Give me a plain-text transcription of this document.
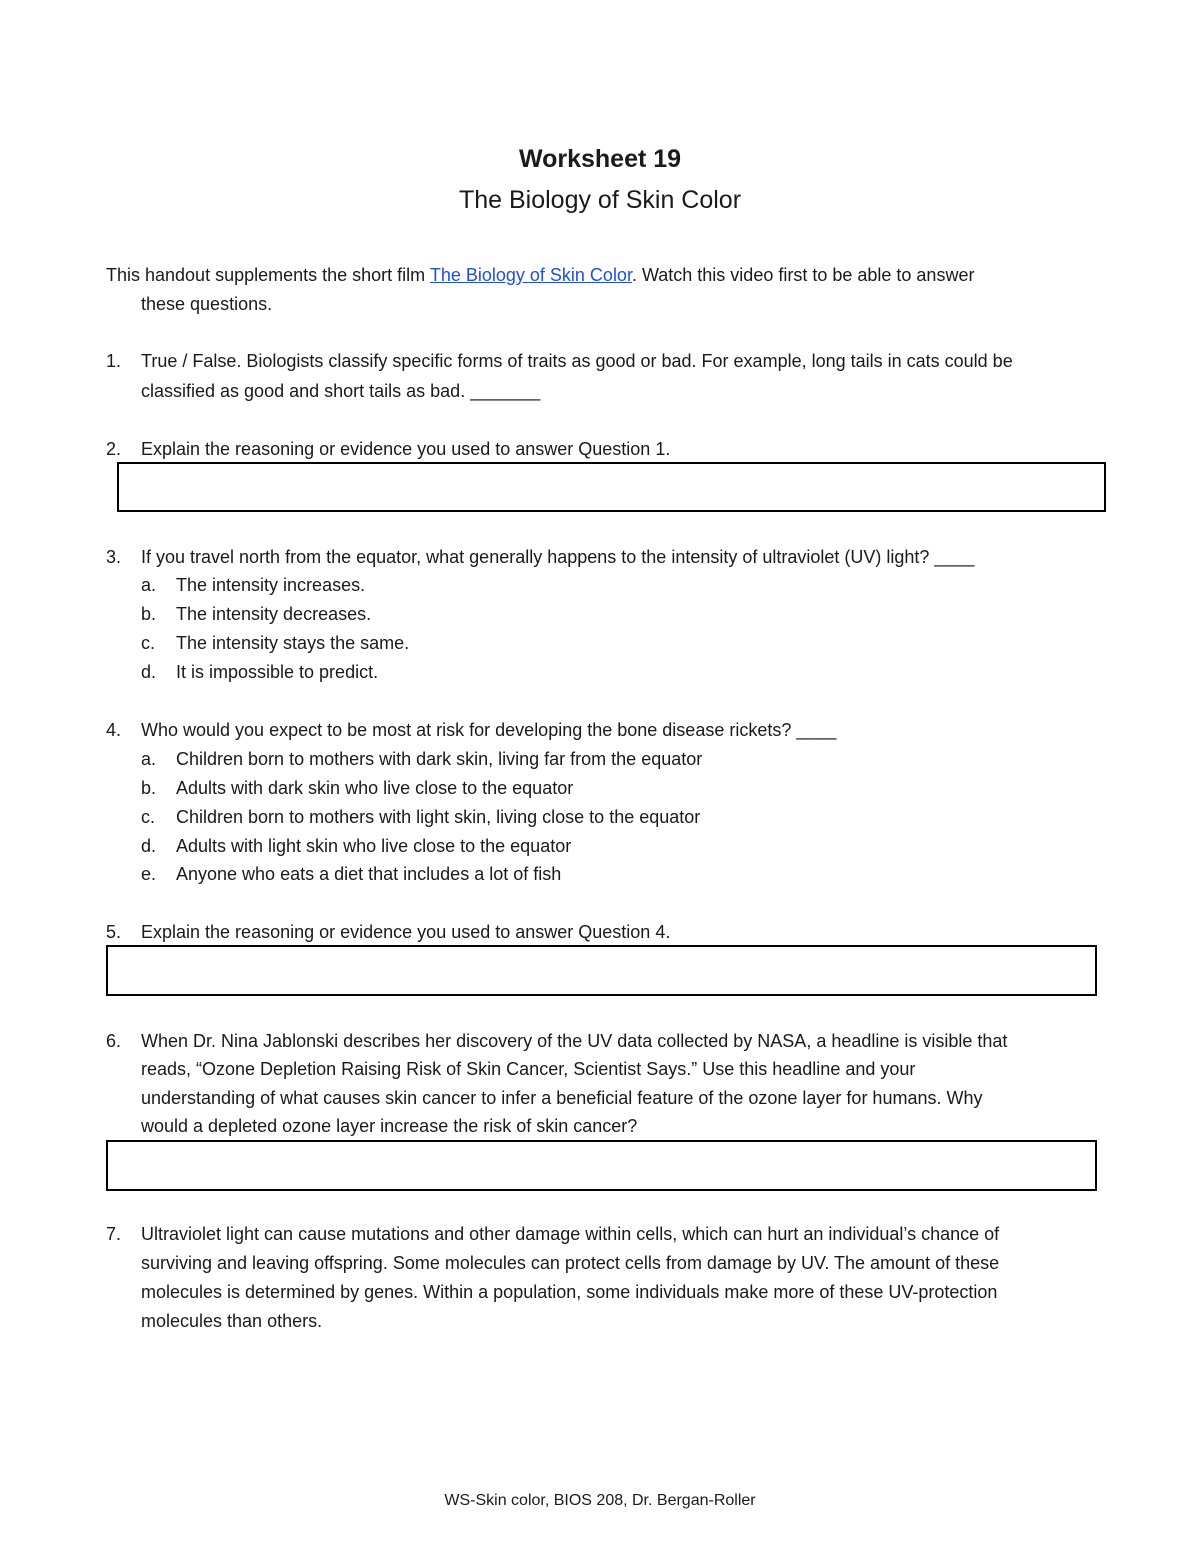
Worksheet 19
The Biology of Skin Color
This handout supplements the short film The Biology of Skin Color. Watch this video first to be able to answer
these questions.
1. True / False. Biologists classify specific forms of traits as good or bad. For example, long tails in cats could be
classified as good and short tails as bad. _______
2. Explain the reasoning or evidence you used to answer Question 1.
3. If you travel north from the equator, what generally happens to the intensity of ultraviolet (UV) light? ____
a. The intensity increases.
b. The intensity decreases.
c. The intensity stays the same.
d. It is impossible to predict.
4. Who would you expect to be most at risk for developing the bone disease rickets? ____
a. Children born to mothers with dark skin, living far from the equator
b. Adults with dark skin who live close to the equator
c. Children born to mothers with light skin, living close to the equator
d. Adults with light skin who live close to the equator
e. Anyone who eats a diet that includes a lot of fish
5. Explain the reasoning or evidence you used to answer Question 4.
6. When Dr. Nina Jablonski describes her discovery of the UV data collected by NASA, a headline is visible that
reads, “Ozone Depletion Raising Risk of Skin Cancer, Scientist Says.” Use this headline and your
understanding of what causes skin cancer to infer a beneficial feature of the ozone layer for humans. Why
would a depleted ozone layer increase the risk of skin cancer?
7. Ultraviolet light can cause mutations and other damage within cells, which can hurt an individual’s chance of
surviving and leaving offspring. Some molecules can protect cells from damage by UV. The amount of these
molecules is determined by genes. Within a population, some individuals make more of these UV-protection
molecules than others.
WS-Skin color, BIOS 208, Dr. Bergan-Roller
